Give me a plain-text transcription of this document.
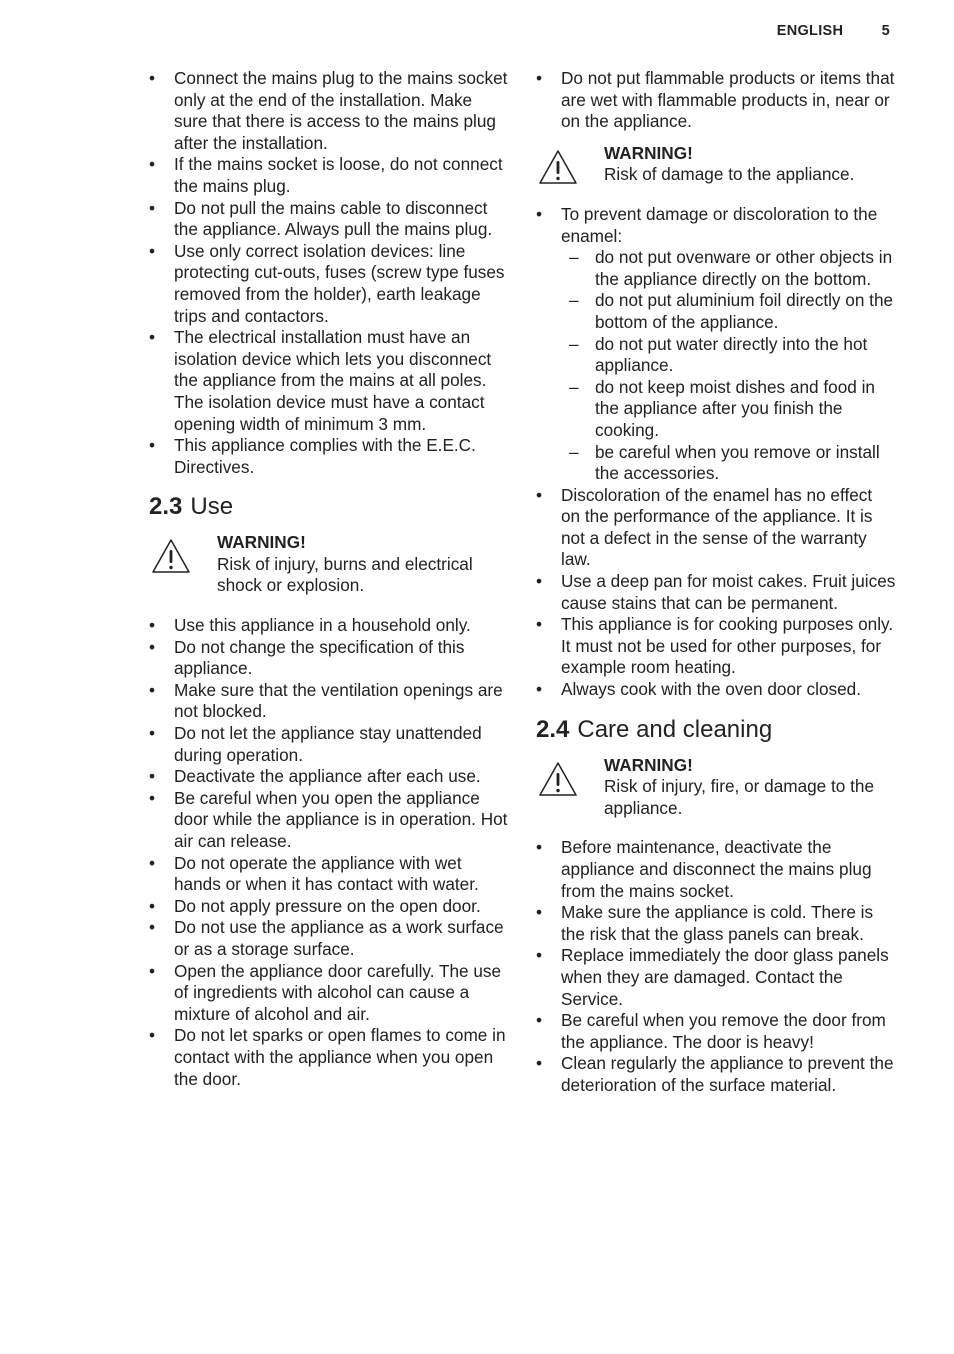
ENGLISH	5
• Connect the mains plug to the mains socket only at the end of the installation. Make sure that there is access to the mains plug after the installation.
• If the mains socket is loose, do not connect the mains plug.
• Do not pull the mains cable to disconnect the appliance. Always pull the mains plug.
• Use only correct isolation devices: line protecting cut-outs, fuses (screw type fuses removed from the holder), earth leakage trips and contactors.
• The electrical installation must have an isolation device which lets you disconnect the appliance from the mains at all poles. The isolation device must have a contact opening width of minimum 3 mm.
• This appliance complies with the E.E.C. Directives.
2.3 Use
WARNING!
Risk of injury, burns and electrical shock or explosion.
• Use this appliance in a household only.
• Do not change the specification of this appliance.
• Make sure that the ventilation openings are not blocked.
• Do not let the appliance stay unattended during operation.
• Deactivate the appliance after each use.
• Be careful when you open the appliance door while the appliance is in operation. Hot air can release.
• Do not operate the appliance with wet hands or when it has contact with water.
• Do not apply pressure on the open door.
• Do not use the appliance as a work surface or as a storage surface.
• Open the appliance door carefully. The use of ingredients with alcohol can cause a mixture of alcohol and air.
• Do not let sparks or open flames to come in contact with the appliance when you open the door.
• Do not put flammable products or items that are wet with flammable products in, near or on the appliance.
WARNING!
Risk of damage to the appliance.
• To prevent damage or discoloration to the enamel:
– do not put ovenware or other objects in the appliance directly on the bottom.
– do not put aluminium foil directly on the bottom of the appliance.
– do not put water directly into the hot appliance.
– do not keep moist dishes and food in the appliance after you finish the cooking.
– be careful when you remove or install the accessories.
• Discoloration of the enamel has no effect on the performance of the appliance. It is not a defect in the sense of the warranty law.
• Use a deep pan for moist cakes. Fruit juices cause stains that can be permanent.
• This appliance is for cooking purposes only. It must not be used for other purposes, for example room heating.
• Always cook with the oven door closed.
2.4 Care and cleaning
WARNING!
Risk of injury, fire, or damage to the appliance.
• Before maintenance, deactivate the appliance and disconnect the mains plug from the mains socket.
• Make sure the appliance is cold. There is the risk that the glass panels can break.
• Replace immediately the door glass panels when they are damaged. Contact the Service.
• Be careful when you remove the door from the appliance. The door is heavy!
• Clean regularly the appliance to prevent the deterioration of the surface material.
